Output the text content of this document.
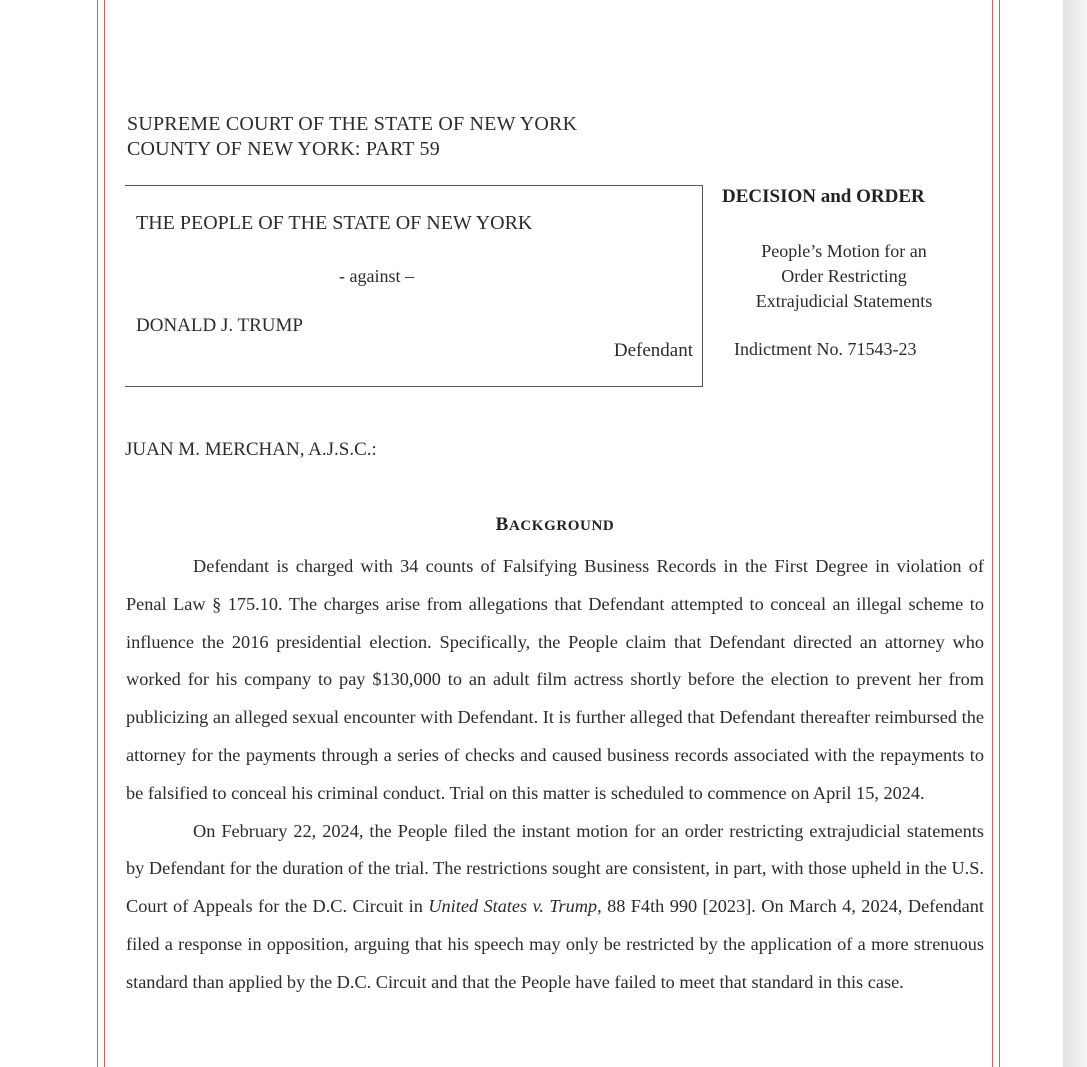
SUPREME COURT OF THE STATE OF NEW YORK
COUNTY OF NEW YORK: PART 59
THE PEOPLE OF THE STATE OF NEW YORK
- against –
DONALD J. TRUMP
Defendant
DECISION and ORDER
People’s Motion for an
Order Restricting
Extrajudicial Statements
Indictment No. 71543-23
JUAN M. MERCHAN, A.J.S.C.:
BACKGROUND

Defendant is charged with 34 counts of Falsifying Business Records in the First Degree in violation of Penal Law § 175.10. The charges arise from allegations that Defendant attempted to conceal an illegal scheme to influence the 2016 presidential election. Specifically, the People claim that Defendant directed an attorney who worked for his company to pay $130,000 to an adult film actress shortly before the election to prevent her from publicizing an alleged sexual encounter with Defendant. It is further alleged that Defendant thereafter reimbursed the attorney for the payments through a series of checks and caused business records associated with the repayments to be falsified to conceal his criminal conduct. Trial on this matter is scheduled to commence on April 15, 2024.

On February 22, 2024, the People filed the instant motion for an order restricting extrajudicial statements by Defendant for the duration of the trial. The restrictions sought are consistent, in part, with those upheld in the U.S. Court of Appeals for the D.C. Circuit in United States v. Trump, 88 F4th 990 [2023]. On March 4, 2024, Defendant filed a response in opposition, arguing that his speech may only be restricted by the application of a more strenuous standard than applied by the D.C. Circuit and that the People have failed to meet that standard in this case.
